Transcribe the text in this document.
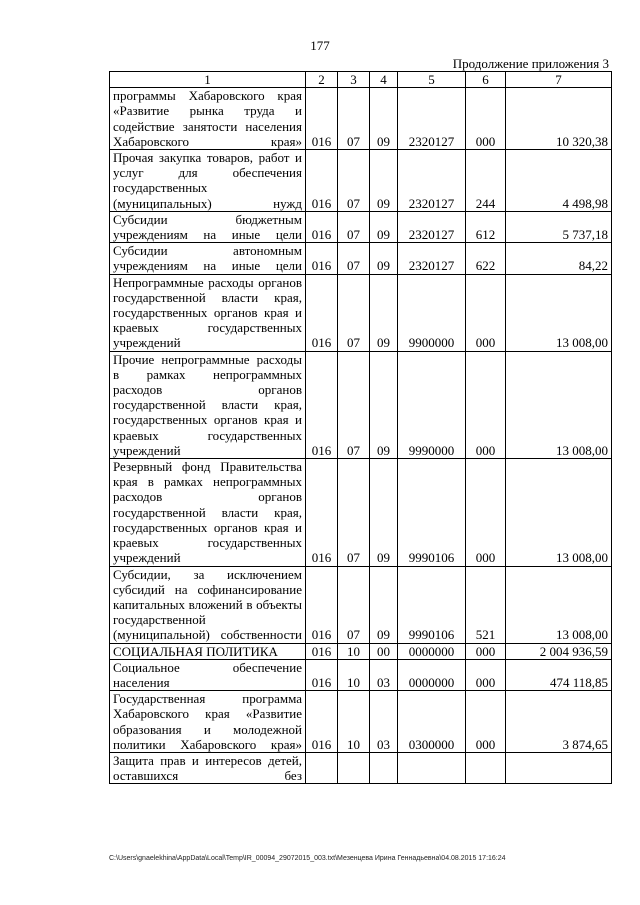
177
Продолжение приложения 3
1	2	3	4	5	6	7
программы Хабаровского края «Развитие рынка труда и содействие занятости населения Хабаровского края»	016	07	09	2320127	000	10 320,38
Прочая закупка товаров, работ и услуг для обеспечения государственных (муниципальных) нужд	016	07	09	2320127	244	4 498,98
Субсидии бюджетным учреждениям на иные цели	016	07	09	2320127	612	5 737,18
Субсидии автономным учреждениям на иные цели	016	07	09	2320127	622	84,22
Непрограммные расходы органов государственной власти края, государственных органов края и краевых государственных учреждений	016	07	09	9900000	000	13 008,00
Прочие непрограммные расходы в рамках непрограммных расходов органов государственной власти края, государственных органов края и краевых государственных учреждений	016	07	09	9990000	000	13 008,00
Резервный фонд Правительства края в рамках непрограммных расходов органов государственной власти края, государственных органов края и краевых государственных учреждений	016	07	09	9990106	000	13 008,00
Субсидии, за исключением субсидий на софинансирование капитальных вложений в объекты государственной (муниципальной) собственности	016	07	09	9990106	521	13 008,00
СОЦИАЛЬНАЯ ПОЛИТИКА	016	10	00	0000000	000	2 004 936,59
Социальное обеспечение населения	016	10	03	0000000	000	474 118,85
Государственная программа Хабаровского края «Развитие образования и молодежной политики Хабаровского края»	016	10	03	0300000	000	3 874,65
Защита прав и интересов детей, оставшихся без						
C:\Users\gnaelekhina\AppData\Local\Temp\IR_00094_29072015_003.txt\Мезенцева Ирина Геннадьевна\04.08.2015 17:16:24
